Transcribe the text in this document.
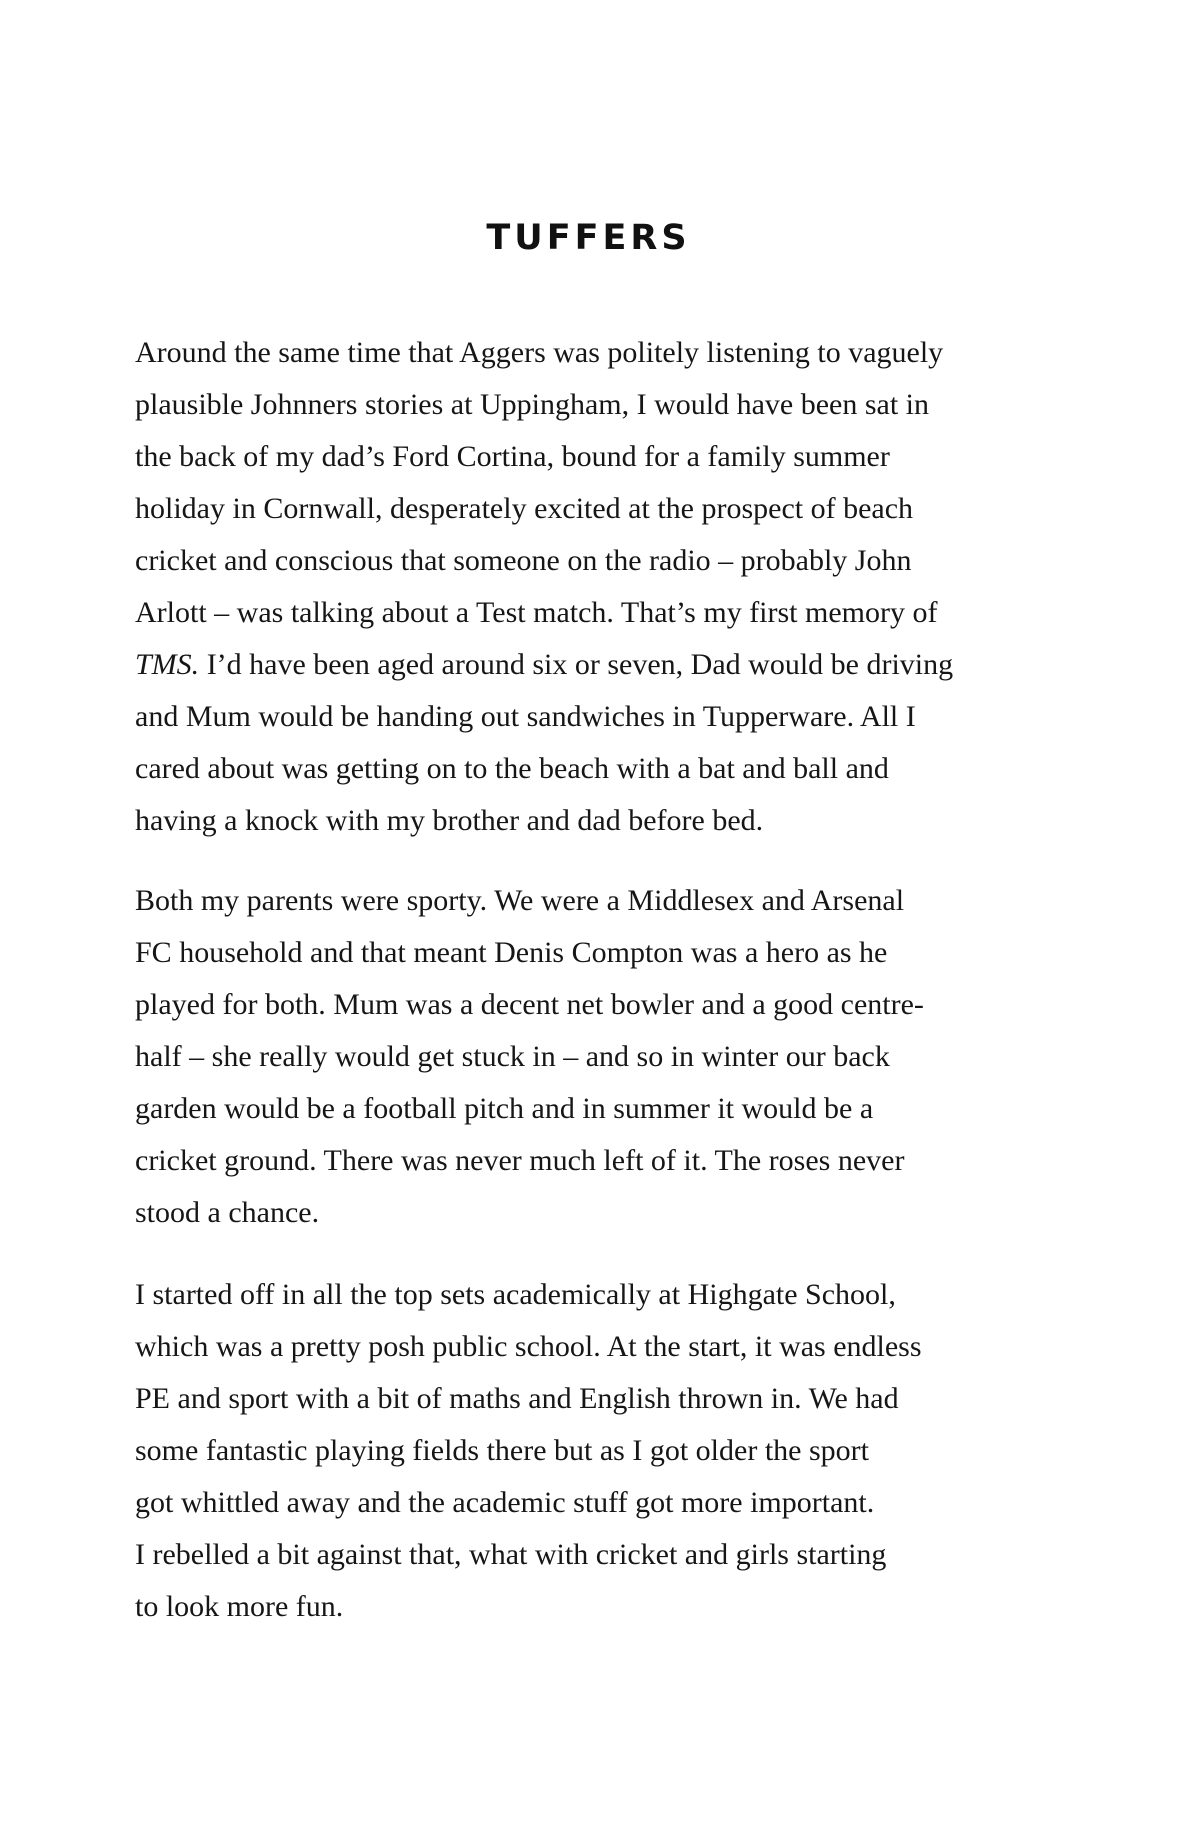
TUFFERS

Around the same time that Aggers was politely listening to vaguely
plausible Johnners stories at Uppingham, I would have been sat in
the back of my dad’s Ford Cortina, bound for a family summer
holiday in Cornwall, desperately excited at the prospect of beach
cricket and conscious that someone on the radio – probably John
Arlott – was talking about a Test match. That’s my first memory of
TMS. I’d have been aged around six or seven, Dad would be driving
and Mum would be handing out sandwiches in Tupperware. All I
cared about was getting on to the beach with a bat and ball and
having a knock with my brother and dad before bed.

Both my parents were sporty. We were a Middlesex and Arsenal
FC household and that meant Denis Compton was a hero as he
played for both. Mum was a decent net bowler and a good centre-
half – she really would get stuck in – and so in winter our back
garden would be a football pitch and in summer it would be a
cricket ground. There was never much left of it. The roses never
stood a chance.

I started off in all the top sets academically at Highgate School,
which was a pretty posh public school. At the start, it was endless
PE and sport with a bit of maths and English thrown in. We had
some fantastic playing fields there but as I got older the sport
got whittled away and the academic stuff got more important.
I rebelled a bit against that, what with cricket and girls starting
to look more fun.
